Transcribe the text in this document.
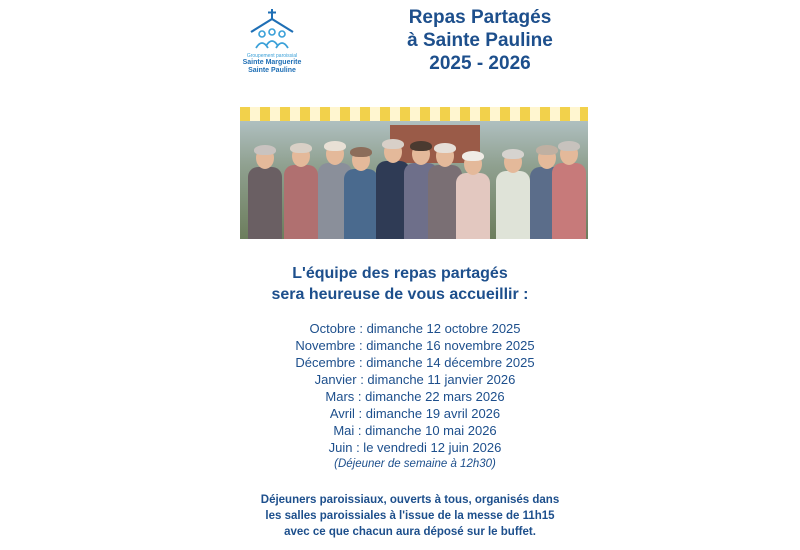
Groupement paroissial
Sainte Marguerite
Sainte Pauline
Repas Partagés
à Sainte Pauline
2025 - 2026
L'équipe des repas partagés
sera heureuse de vous accueillir :
Octobre : dimanche 12 octobre 2025
Novembre : dimanche 16 novembre 2025
Décembre : dimanche 14 décembre 2025
Janvier : dimanche 11 janvier 2026
Mars : dimanche 22 mars 2026
Avril : dimanche 19 avril 2026
Mai : dimanche 10 mai 2026
Juin : le vendredi 12 juin 2026
(Déjeuner de semaine à 12h30)
Déjeuners paroissiaux, ouverts à tous, organisés dans
les salles paroissiales à l'issue de la messe de 11h15
avec ce que chacun aura déposé sur le buffet.
